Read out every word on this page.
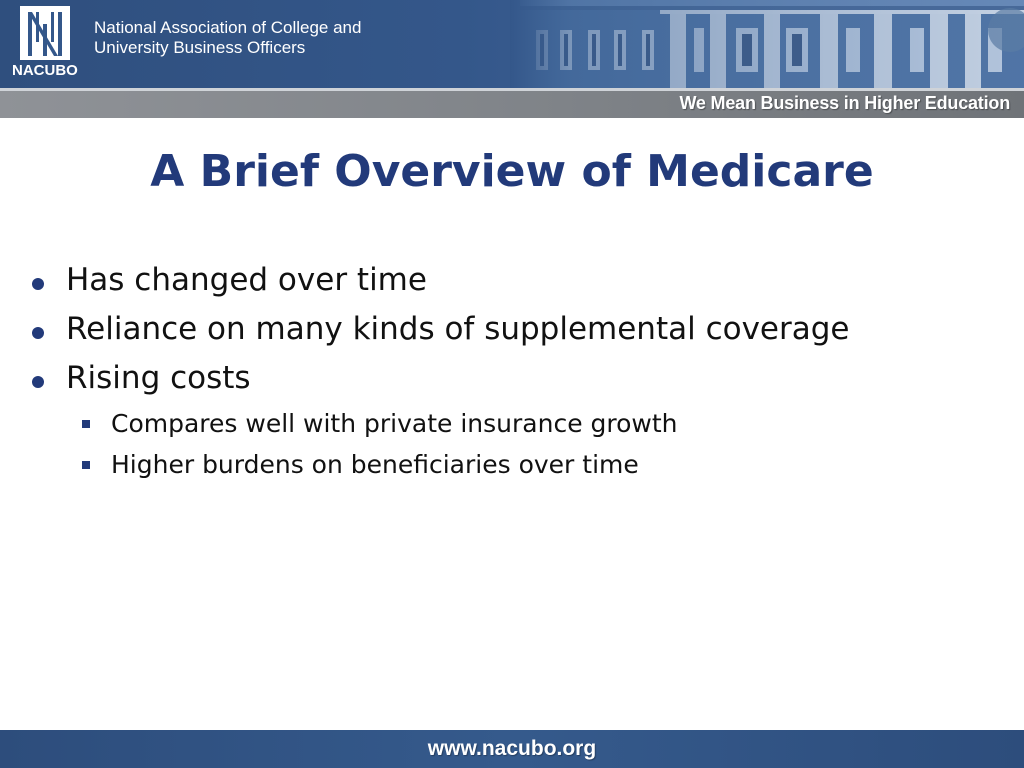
NACUBO
National Association of College and
University Business Officers
We Mean Business in Higher Education
A Brief Overview of Medicare
Has changed over time
Reliance on many kinds of supplemental coverage
Rising costs
Compares well with private insurance growth
Higher burdens on beneficiaries over time
www.nacubo.org
